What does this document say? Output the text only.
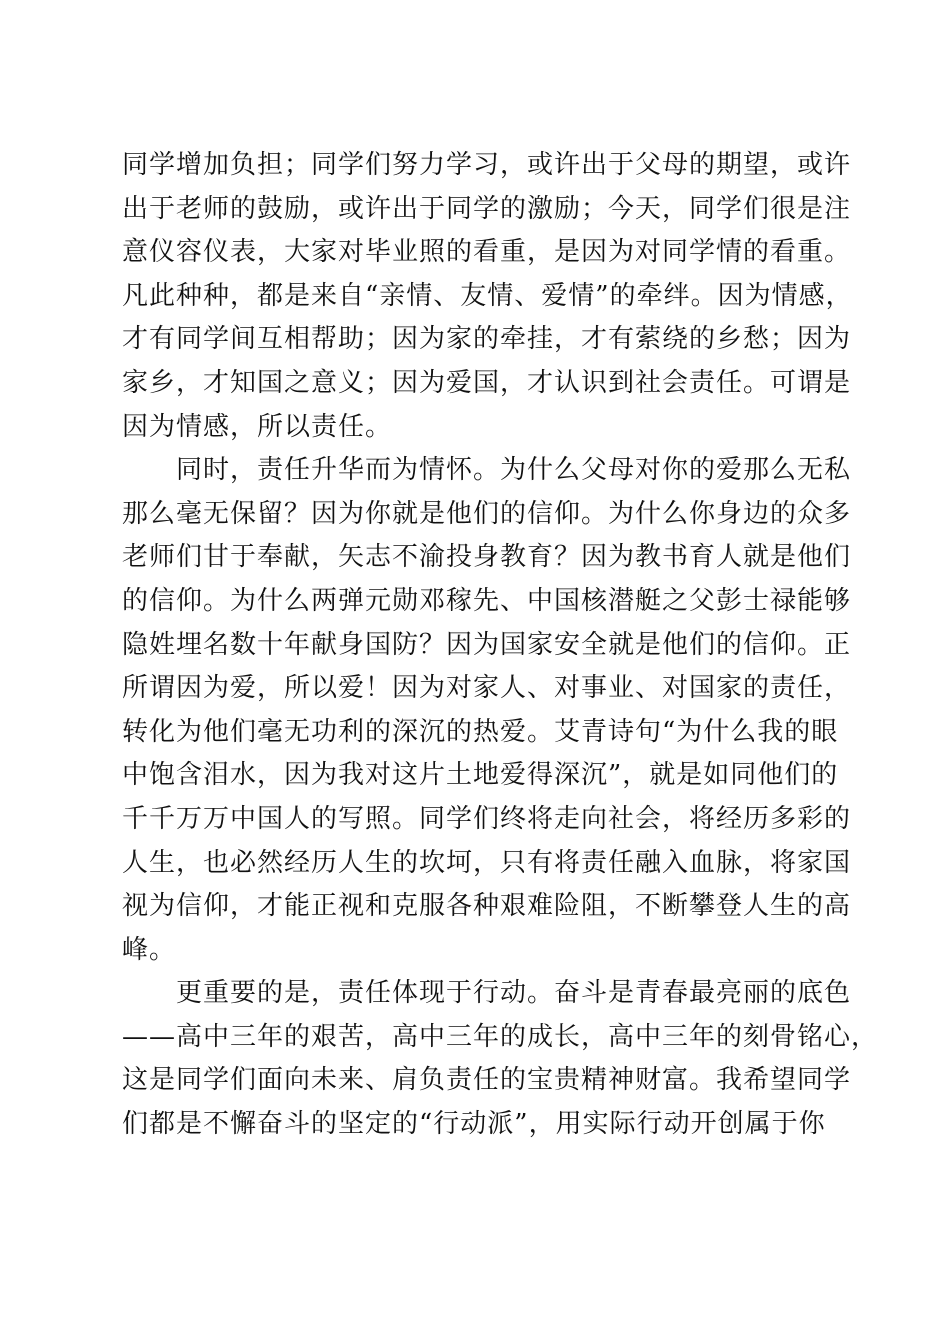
同学增加负担；同学们努力学习，或许出于父母的期望，或许
出于老师的鼓励，或许出于同学的激励；今天，同学们很是注
意仪容仪表，大家对毕业照的看重，是因为对同学情的看重。
凡此种种，都是来自“亲情、友情、爱情”的牵绊。因为情感，
才有同学间互相帮助；因为家的牵挂，才有萦绕的乡愁；因为
家乡，才知国之意义；因为爱国，才认识到社会责任。可谓是
因为情感，所以责任。
同时，责任升华而为情怀。为什么父母对你的爱那么无私
那么毫无保留？因为你就是他们的信仰。为什么你身边的众多
老师们甘于奉献，矢志不渝投身教育？因为教书育人就是他们
的信仰。为什么两弹元勋邓稼先、中国核潜艇之父彭士禄能够
隐姓埋名数十年献身国防？因为国家安全就是他们的信仰。正
所谓因为爱，所以爱！因为对家人、对事业、对国家的责任，
转化为他们毫无功利的深沉的热爱。艾青诗句“为什么我的眼
中饱含泪水，因为我对这片土地爱得深沉”，就是如同他们的
千千万万中国人的写照。同学们终将走向社会，将经历多彩的
人生，也必然经历人生的坎坷，只有将责任融入血脉，将家国
视为信仰，才能正视和克服各种艰难险阻，不断攀登人生的高
峰。
更重要的是，责任体现于行动。奋斗是青春最亮丽的底色
——高中三年的艰苦，高中三年的成长，高中三年的刻骨铭心，
这是同学们面向未来、肩负责任的宝贵精神财富。我希望同学
们都是不懈奋斗的坚定的“行动派”，用实际行动开创属于你
